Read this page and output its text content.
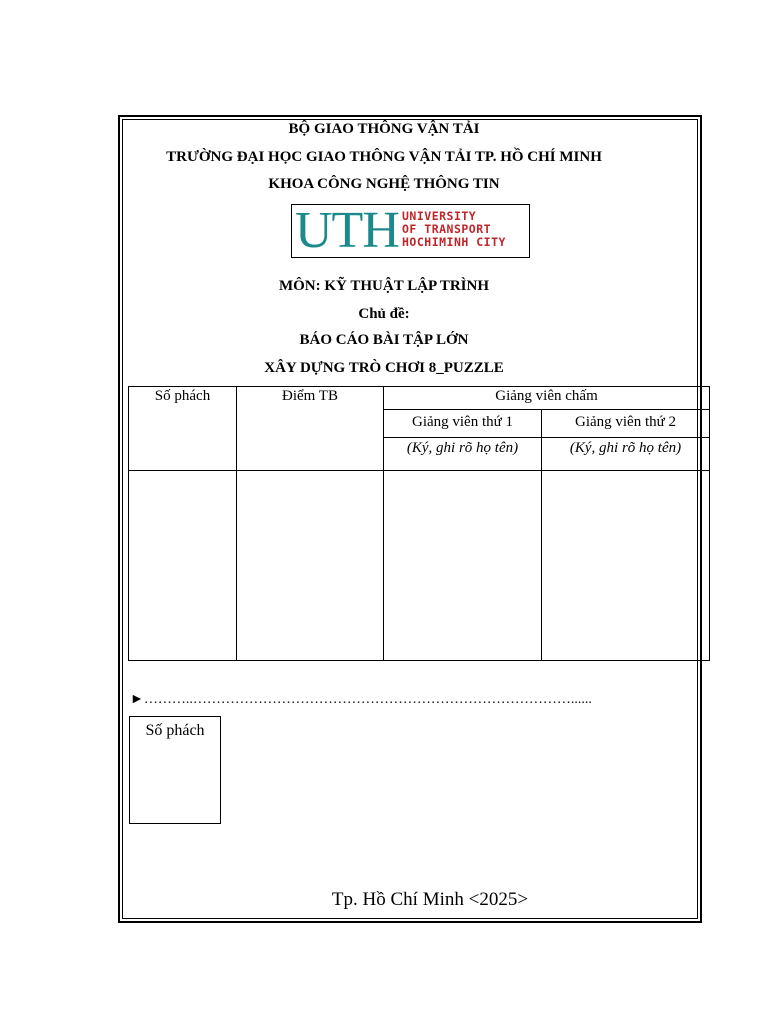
BỘ GIAO THÔNG VẬN TẢI
TRƯỜNG ĐẠI HỌC GIAO THÔNG VẬN TẢI TP. HỒ CHÍ MINH
KHOA CÔNG NGHỆ THÔNG TIN
UTH UNIVERSITY
OF TRANSPORT
HOCHIMINH CITY
MÔN: KỸ THUẬT LẬP TRÌNH
Chủ đề:
BÁO CÁO BÀI TẬP LỚN
XÂY DỰNG TRÒ CHƠI 8_PUZZLE
Số phách	Điểm TB	Giảng viên chấm	
		Giảng viên thứ 1	Giảng viên thứ 2
		(Ký, ghi rõ họ tên)	(Ký, ghi rõ họ tên)

►………..………………………………………………………………………......
Số phách
Tp. Hồ Chí Minh <2025>
